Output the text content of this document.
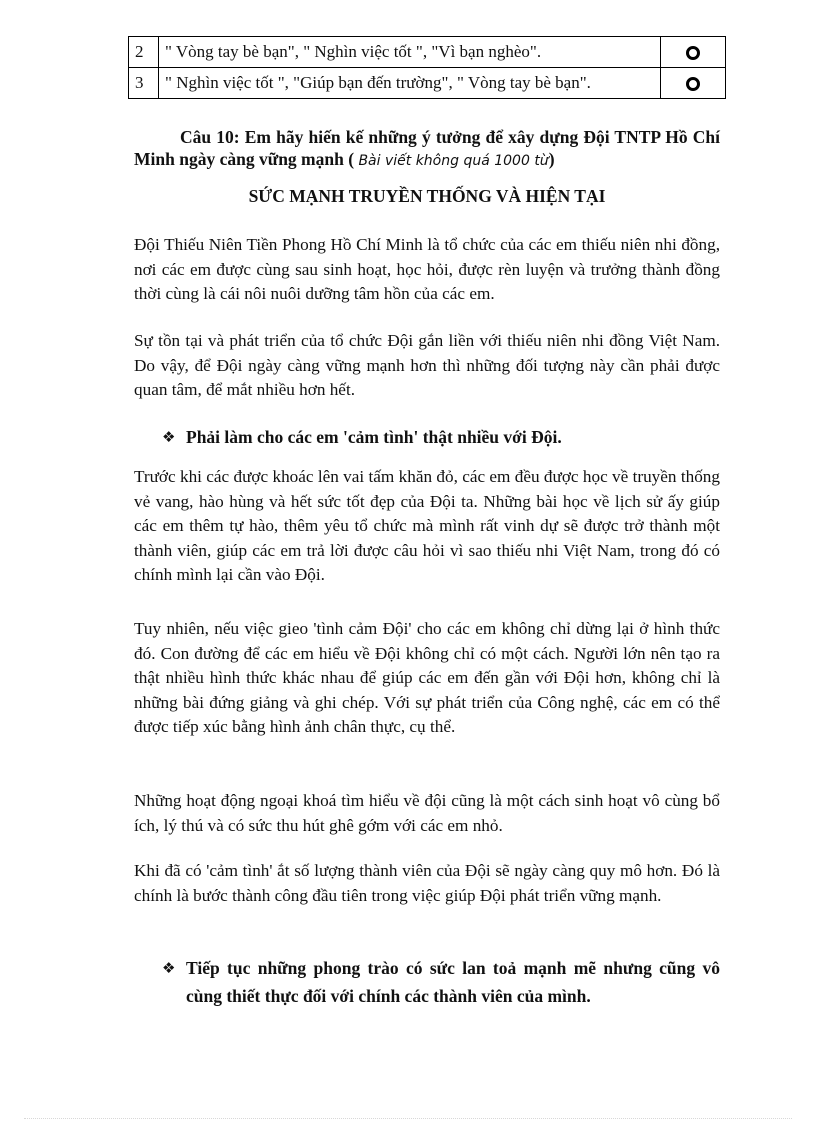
2	" Vòng tay bè bạn", " Nghìn việc tốt ", "Vì bạn nghèo".	
3	" Nghìn việc tốt ", "Giúp bạn đến trường", " Vòng tay bè bạn".	
Câu 10: Em hãy hiến kế những ý tưởng để xây dựng Đội TNTP Hồ Chí Minh ngày càng vững mạnh ( Bài viết không quá 1000 từ)
SỨC MẠNH TRUYỀN THỐNG VÀ HIỆN TẠI

Đội Thiếu Niên Tiền Phong Hồ Chí Minh là tổ chức của các em thiếu niên nhi đồng, nơi các em được cùng sau sinh hoạt, học hỏi, được rèn luyện và trưởng thành đồng thời cùng là cái nôi nuôi dưỡng tâm hồn của các em.

Sự tồn tại và phát triển của tổ chức Đội gắn liền với thiếu niên nhi đồng Việt Nam. Do vậy, để Đội ngày càng vững mạnh hơn thì những đối tượng này cần phải được quan tâm, để mắt nhiều hơn hết.

❖ Phải làm cho các em 'cảm tình' thật nhiều với Đội.

Trước khi các được khoác lên vai tấm khăn đỏ, các em đều được học về truyền thống vẻ vang, hào hùng và hết sức tốt đẹp của Đội ta. Những bài học về lịch sử ấy giúp các em thêm tự hào, thêm yêu tổ chức mà mình rất vinh dự sẽ được trở thành một thành viên, giúp các em trả lời được câu hỏi vì sao thiếu nhi Việt Nam, trong đó có chính mình lại cần vào Đội.

Tuy nhiên, nếu việc gieo 'tình cảm Đội' cho các em không chỉ dừng lại ở hình thức đó. Con đường để các em hiểu về Đội không chỉ có một cách. Người lớn nên tạo ra thật nhiều hình thức khác nhau để giúp các em đến gần với Đội hơn, không chỉ là những bài đứng giảng và ghi chép. Với sự phát triển của Công nghệ, các em có thể được tiếp xúc bằng hình ảnh chân thực, cụ thể.

Những hoạt động ngoại khoá tìm hiểu về đội cũng là một cách sinh hoạt vô cùng bổ ích, lý thú và có sức thu hút ghê gớm với các em nhỏ.

Khi đã có 'cảm tình' ắt số lượng thành viên của Đội sẽ ngày càng quy mô hơn. Đó là chính là bước thành công đầu tiên trong việc giúp Đội phát triển vững mạnh.

❖ Tiếp tục những phong trào có sức lan toả mạnh mẽ nhưng cũng vô cùng thiết thực đối với chính các thành viên của mình.
